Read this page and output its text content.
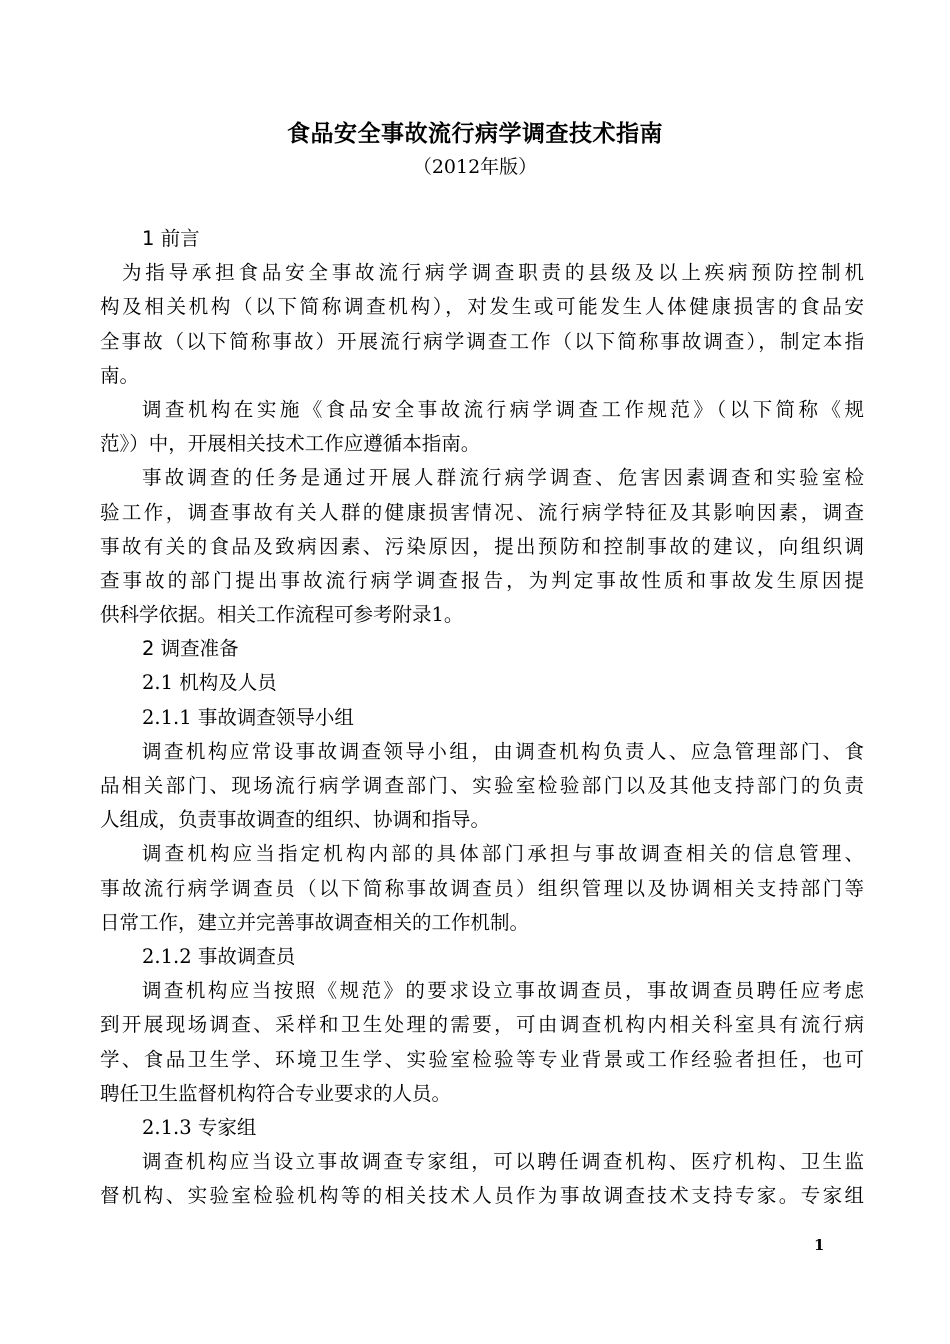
食品安全事故流行病学调查技术指南
（2012年版）
1 前言
为指导承担食品安全事故流行病学调查职责的县级及以上疾病预防控制机
构及相关机构（以下简称调查机构），对发生或可能发生人体健康损害的食品安
全事故（以下简称事故）开展流行病学调查工作（以下简称事故调查），制定本指
南。
调查机构在实施《食品安全事故流行病学调查工作规范》（以下简称《规
范》）中，开展相关技术工作应遵循本指南。
事故调查的任务是通过开展人群流行病学调查、危害因素调查和实验室检
验工作，调查事故有关人群的健康损害情况、流行病学特征及其影响因素，调查
事故有关的食品及致病因素、污染原因，提出预防和控制事故的建议，向组织调
查事故的部门提出事故流行病学调查报告，为判定事故性质和事故发生原因提
供科学依据。相关工作流程可参考附录1。
2 调查准备
2.1 机构及人员
2.1.1 事故调查领导小组
调查机构应常设事故调查领导小组，由调查机构负责人、应急管理部门、食
品相关部门、现场流行病学调查部门、实验室检验部门以及其他支持部门的负责
人组成，负责事故调查的组织、协调和指导。
调查机构应当指定机构内部的具体部门承担与事故调查相关的信息管理、
事故流行病学调查员（以下简称事故调查员）组织管理以及协调相关支持部门等
日常工作，建立并完善事故调查相关的工作机制。
2.1.2 事故调查员
调查机构应当按照《规范》的要求设立事故调查员，事故调查员聘任应考虑
到开展现场调查、采样和卫生处理的需要，可由调查机构内相关科室具有流行病
学、食品卫生学、环境卫生学、实验室检验等专业背景或工作经验者担任，也可
聘任卫生监督机构符合专业要求的人员。
2.1.3 专家组
调查机构应当设立事故调查专家组，可以聘任调查机构、医疗机构、卫生监
督机构、实验室检验机构等的相关技术人员作为事故调查技术支持专家。专家组
1
